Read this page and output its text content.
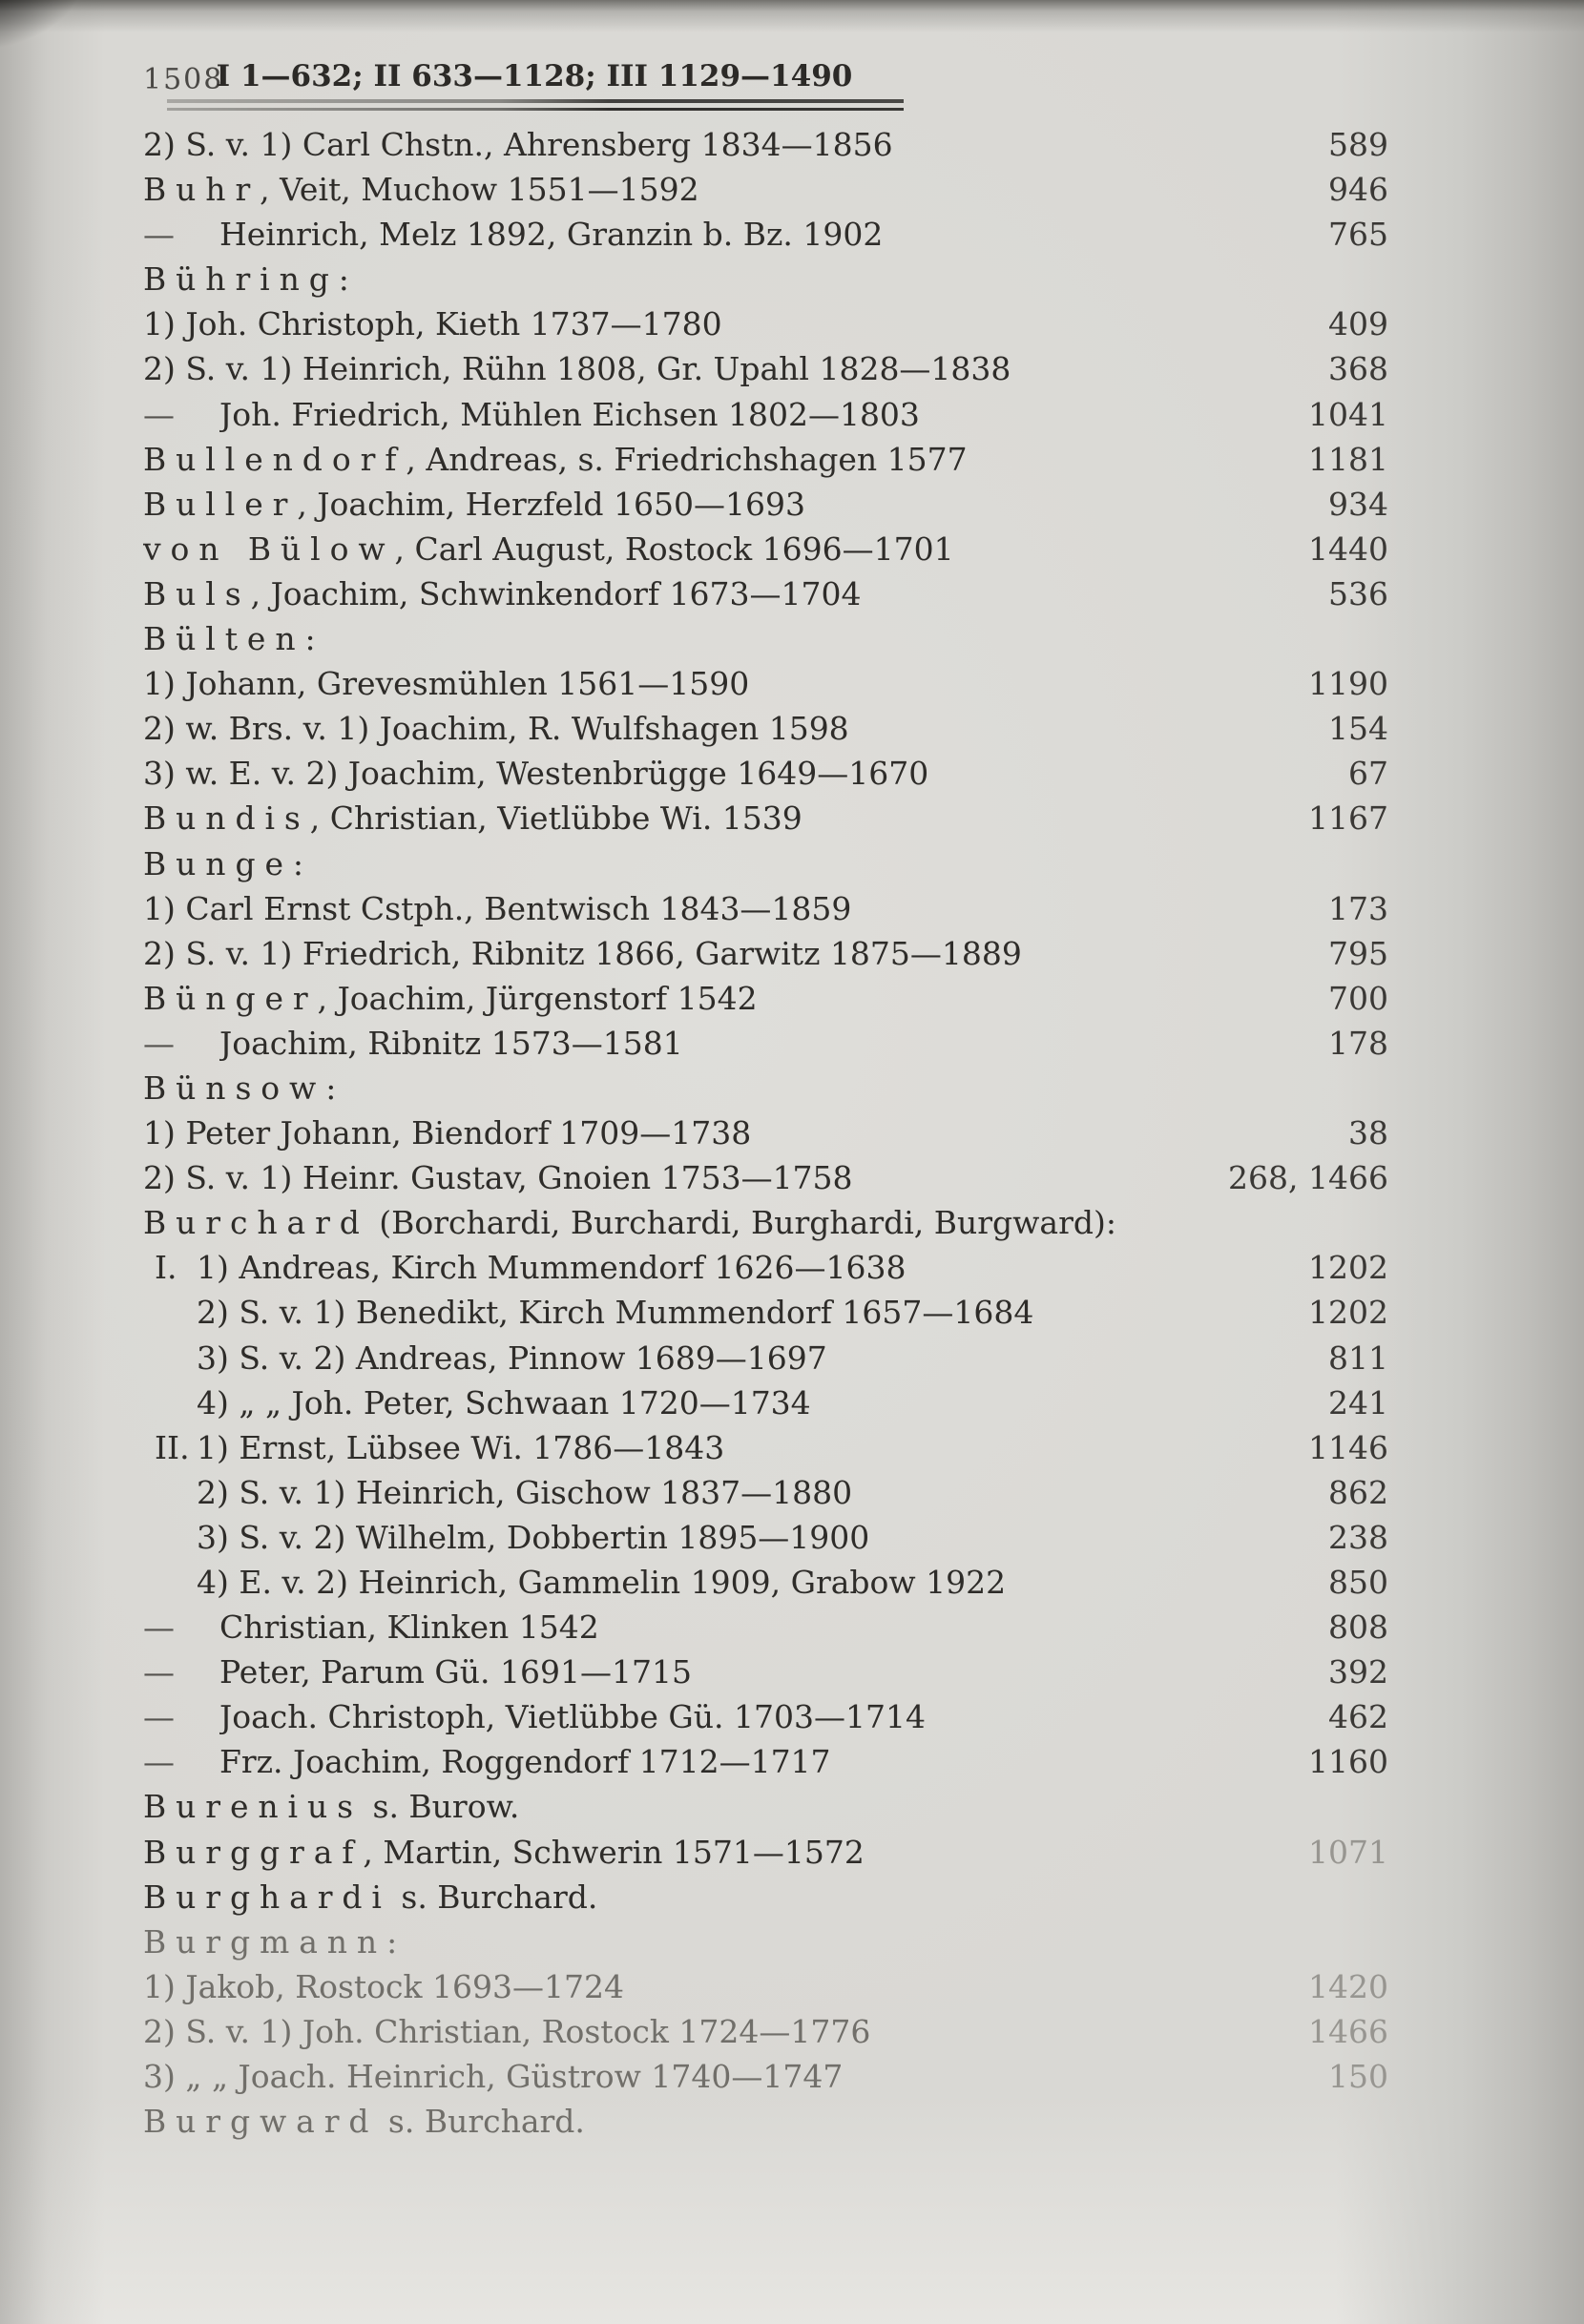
1508
I 1—632; II 633—1128; III 1129—1490
2) S. v. 1) Carl Chstn., Ahrensberg 1834—1856	589
Buhr, Veit, Muchow 1551—1592	946
—	Heinrich, Melz 1892, Granzin b. Bz. 1902	765
Bühring:
1) Joh. Christoph, Kieth 1737—1780	409
2) S. v. 1) Heinrich, Rühn 1808, Gr. Upahl 1828—1838	368
—	Joh. Friedrich, Mühlen Eichsen 1802—1803	1041
Bullendorf, Andreas, s. Friedrichshagen 1577	1181
Buller, Joachim, Herzfeld 1650—1693	934
von Bülow, Carl August, Rostock 1696—1701	1440
Buls, Joachim, Schwinkendorf 1673—1704	536
Bülten:
1) Johann, Grevesmühlen 1561—1590	1190
2) w. Brs. v. 1) Joachim, R. Wulfshagen 1598	154
3) w. E. v. 2) Joachim, Westenbrügge 1649—1670	67
Bundis, Christian, Vietlübbe Wi. 1539	1167
Bunge:
1) Carl Ernst Cstph., Bentwisch 1843—1859	173
2) S. v. 1) Friedrich, Ribnitz 1866, Garwitz 1875—1889	795
Bünger, Joachim, Jürgenstorf 1542	700
—	Joachim, Ribnitz 1573—1581	178
Bünsow:
1) Peter Johann, Biendorf 1709—1738	38
2) S. v. 1) Heinr. Gustav, Gnoien 1753—1758	268, 1466
Burchard (Borchardi, Burchardi, Burghardi, Burgward):
I. 1) Andreas, Kirch Mummendorf 1626—1638	1202
2) S. v. 1) Benedikt, Kirch Mummendorf 1657—1684	1202
3) S. v. 2) Andreas, Pinnow 1689—1697	811
4) „ „ Joh. Peter, Schwaan 1720—1734	241
II. 1) Ernst, Lübsee Wi. 1786—1843	1146
2) S. v. 1) Heinrich, Gischow 1837—1880	862
3) S. v. 2) Wilhelm, Dobbertin 1895—1900	238
4) E. v. 2) Heinrich, Gammelin 1909, Grabow 1922	850
—	Christian, Klinken 1542	808
—	Peter, Parum Gü. 1691—1715	392
—	Joach. Christoph, Vietlübbe Gü. 1703—1714	462
—	Frz. Joachim, Roggendorf 1712—1717	1160
Burenius s. Burow.
Burggraf, Martin, Schwerin 1571—1572	1071
Burghardi s. Burchard.
Burgmann:
1) Jakob, Rostock 1693—1724	1420
2) S. v. 1) Joh. Christian, Rostock 1724—1776	1466
3) „ „ Joach. Heinrich, Güstrow 1740—1747	150
Burgward s. Burchard.
